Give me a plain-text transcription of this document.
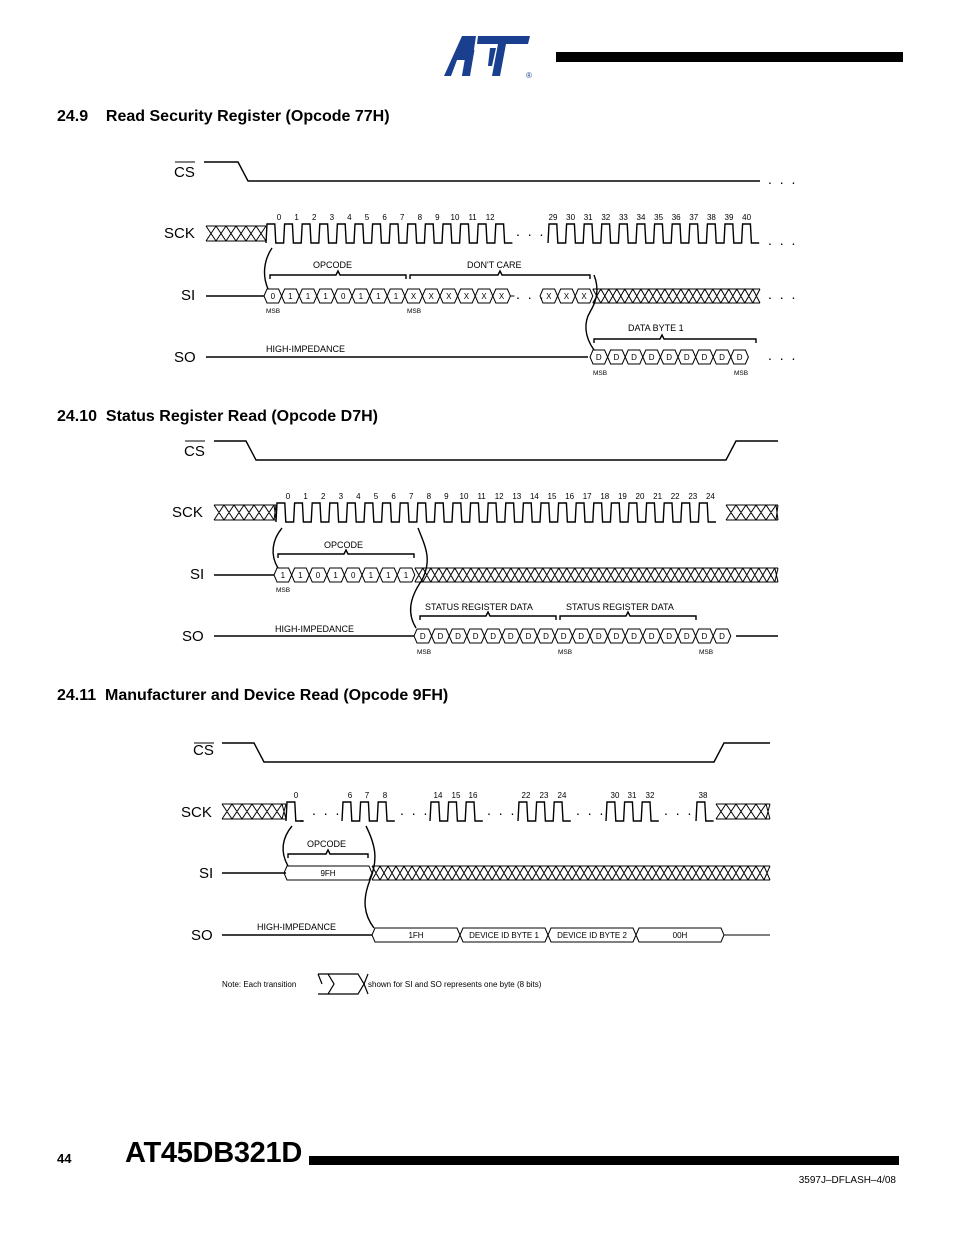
®
24.9    Read Security Register (Opcode 77H)
0 1 2 3 4 5 6 7 8 9 10 11 12	29 30 31 32 33 34 35 36 37 38 39 40
0 1 1 1 0 1 1 1 X X X X X X	X X X
D D D D D D D D D
CS
SCK
SI
SO
OPCODE	DON'T CARE
DATA BYTE 1
HIGH-IMPEDANCE
MSB	MSB
MSB	MSB
. . .
. . .
. . .
. . .	. . .
. . .
24.10  Status Register Read (Opcode D7H)
0 1 2 3 4 5 6 7 8 9 10 11 12 13 14 15 16 17 18 19 20 21 22 23 24
1 1 0 1 0 1 1 1
D D D D D D D D D D D D D D D D D D
CS
SCK
SI
SO
OPCODE
STATUS REGISTER DATA	STATUS REGISTER DATA
HIGH-IMPEDANCE
MSB
MSB	MSB	MSB
24.11  Manufacturer and Device Read (Opcode 9FH)
0	6 7 8	14 15 16	22 23 24	30 31 32	38
9FH
1FH	DEVICE ID BYTE 1 DEVICE ID BYTE 2	00H
CS
SCK
SI
SO
OPCODE
HIGH-IMPEDANCE
. . .	. . .	. . .	. . .	. . .
Note: Each transition	shown for SI and SO represents one byte (8 bits)
44 AT45DB321D
3597J–DFLASH–4/08
